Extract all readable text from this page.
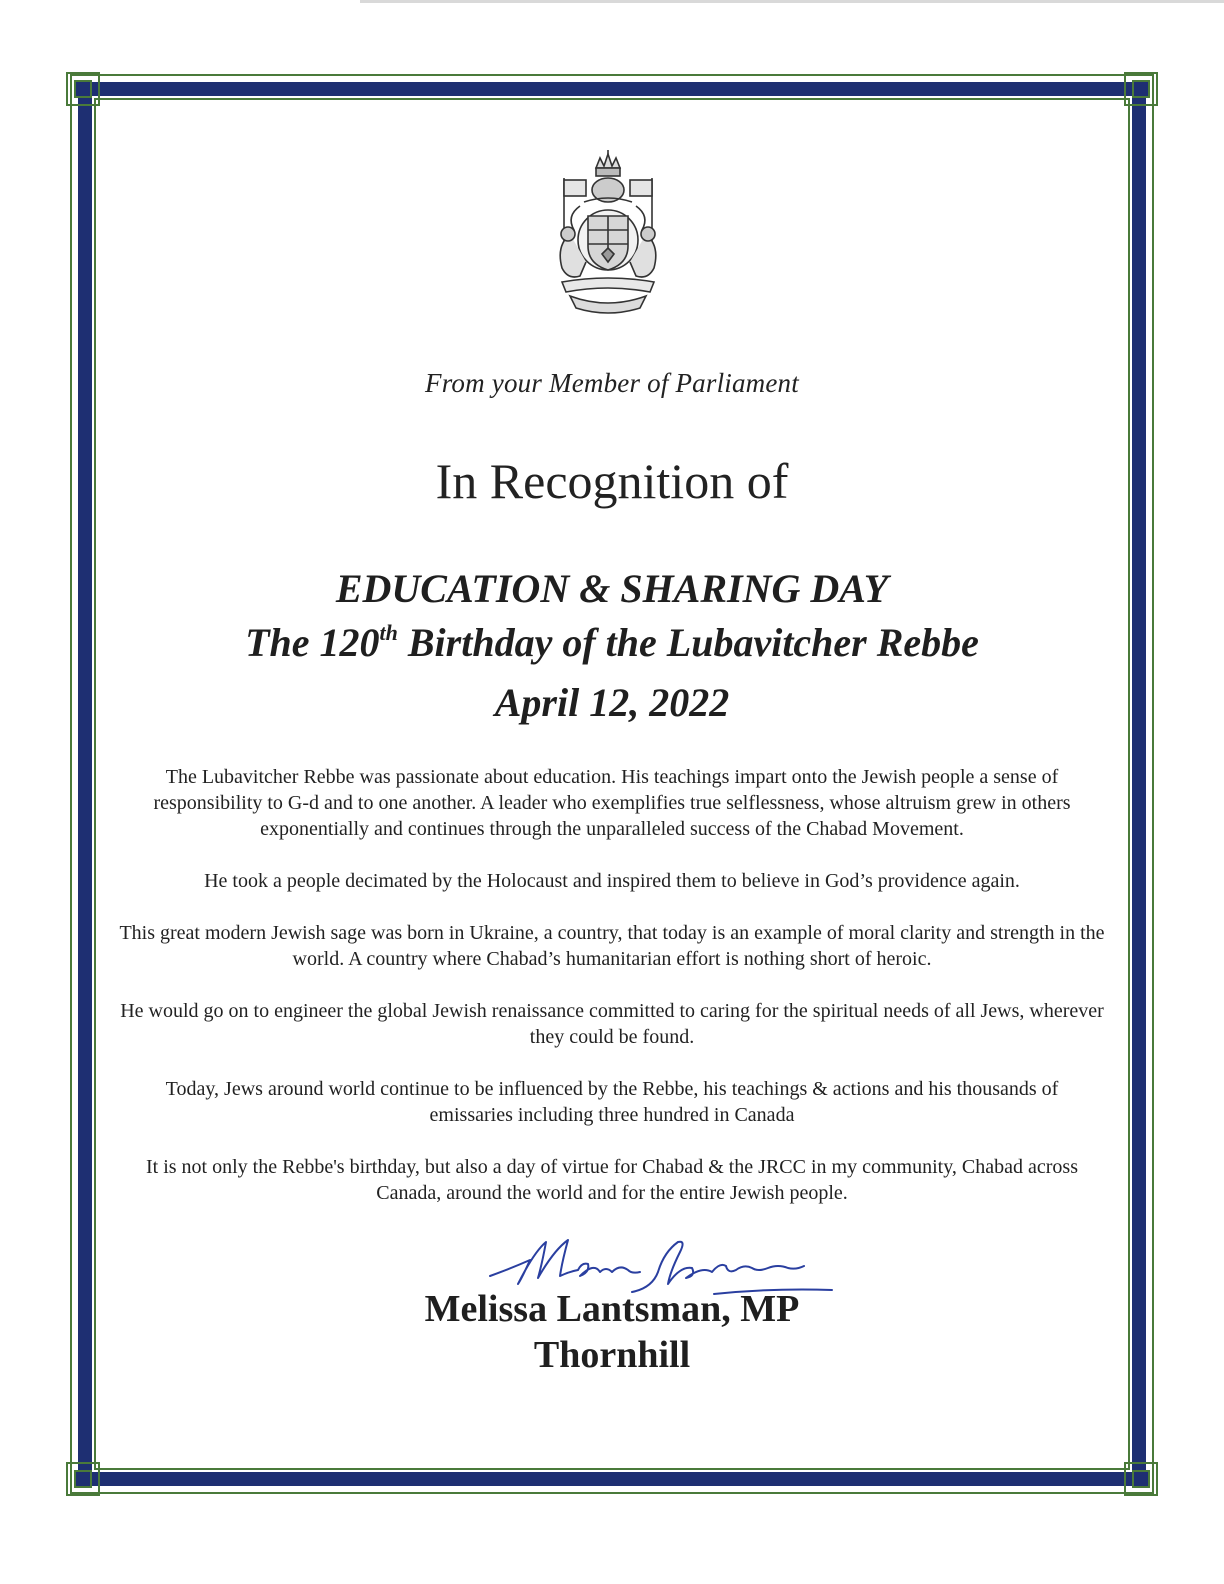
From your Member of Parliament
In Recognition of
EDUCATION & SHARING DAY
The 120th Birthday of the Lubavitcher Rebbe
April 12, 2022

The Lubavitcher Rebbe was passionate about education. His teachings impart onto the Jewish people a sense of responsibility to G-d and to one another. A leader who exemplifies true selflessness, whose altruism grew in others exponentially and continues through the unparalleled success of the Chabad Movement.

He took a people decimated by the Holocaust and inspired them to believe in God’s providence again.

This great modern Jewish sage was born in Ukraine, a country, that today is an example of moral clarity and strength in the world. A country where Chabad’s humanitarian effort is nothing short of heroic.

He would go on to engineer the global Jewish renaissance committed to caring for the spiritual needs of all Jews, wherever they could be found.

Today, Jews around world continue to be influenced by the Rebbe, his teachings & actions and his thousands of emissaries including three hundred in Canada

It is not only the Rebbe's birthday, but also a day of virtue for Chabad & the JRCC in my community, Chabad across Canada, around the world and for the entire Jewish people.

Melissa Lantsman, MP
Thornhill
